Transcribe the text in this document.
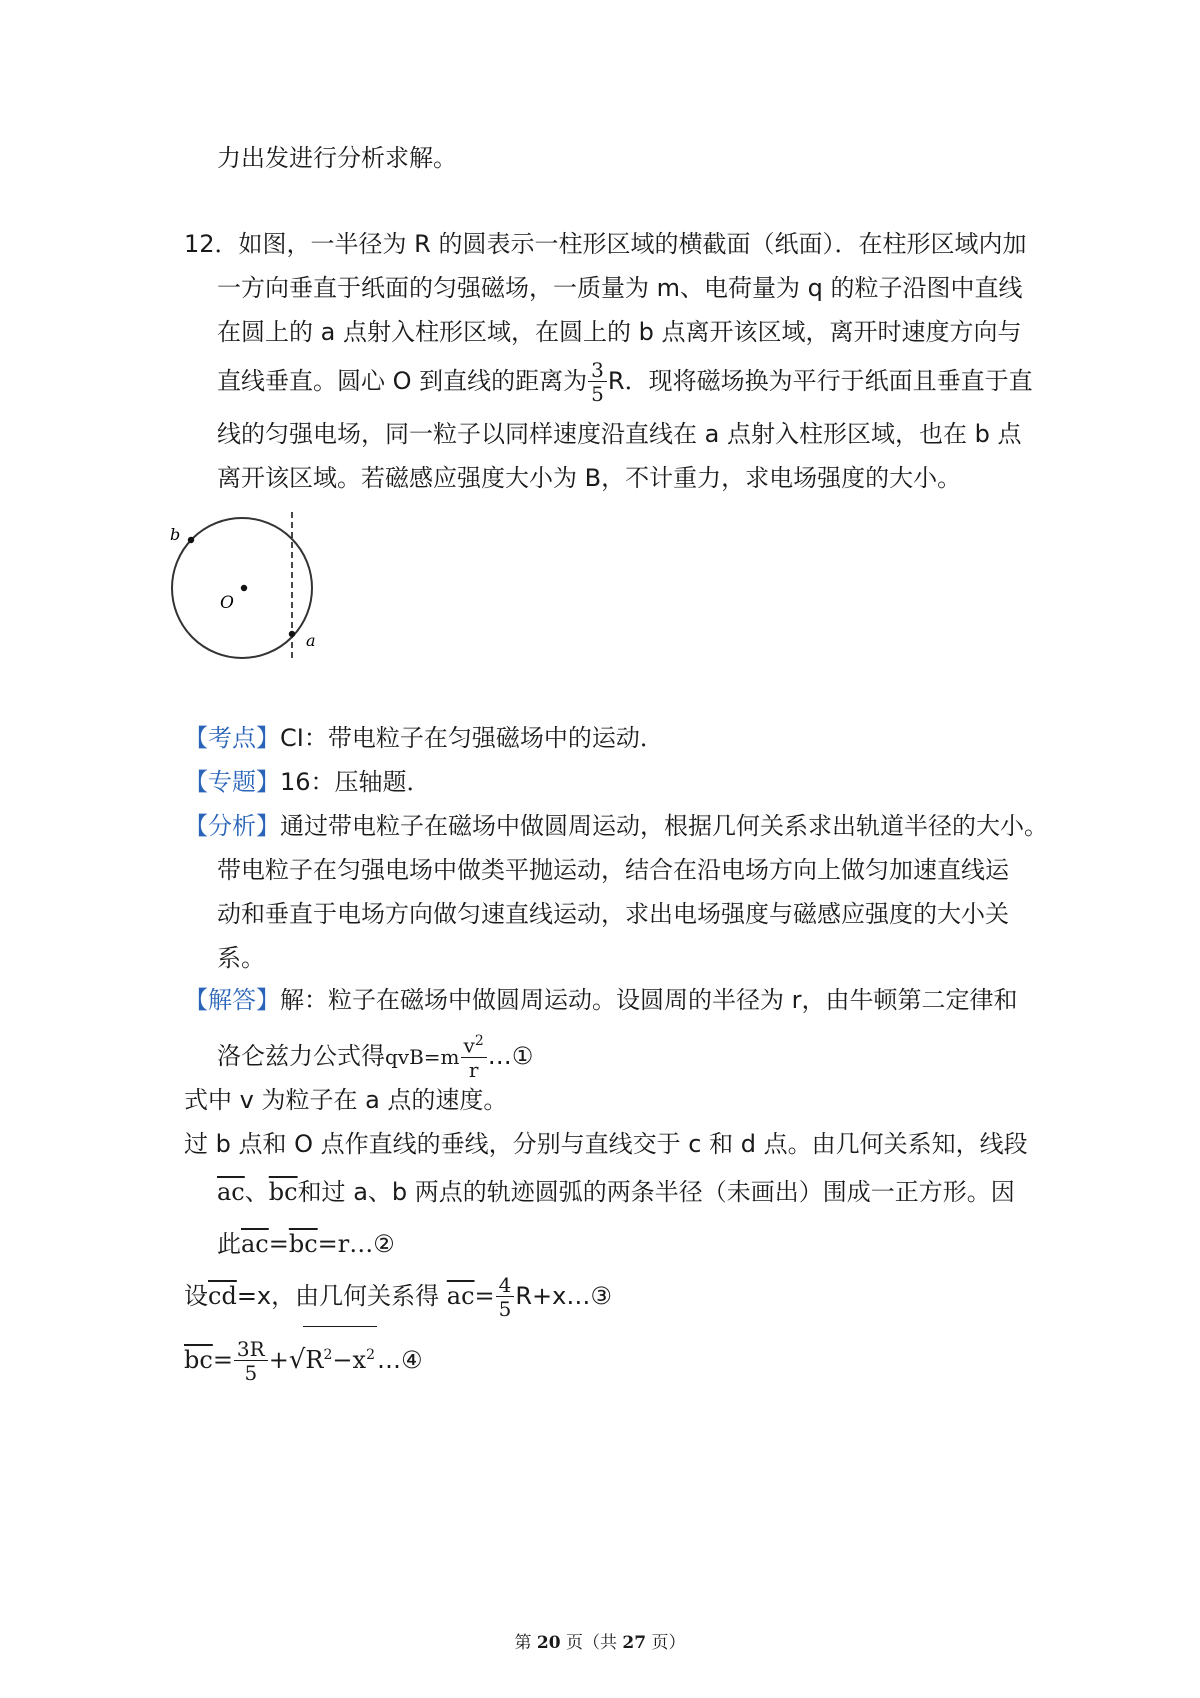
力出发进行分析求解。
12．如图，一半径为 R 的圆表示一柱形区域的横截面（纸面）．在柱形区域内加
一方向垂直于纸面的匀强磁场，一质量为 m、电荷量为 q 的粒子沿图中直线
在圆上的 a 点射入柱形区域，在圆上的 b 点离开该区域，离开时速度方向与
直线垂直。圆心 O 到直线的距离为 $\frac{3}{5}$ R．现将磁场换为平行于纸面且垂直于直
线的匀强电场，同一粒子以同样速度沿直线在 a 点射入柱形区域，也在 b 点
离开该区域。若磁感应强度大小为 B，不计重力，求电场强度的大小。
b
O
a
【考点】CI：带电粒子在匀强磁场中的运动．
【专题】16：压轴题．
【分析】通过带电粒子在磁场中做圆周运动，根据几何关系求出轨道半径的大小。
带电粒子在匀强电场中做类平抛运动，结合在沿电场方向上做匀加速直线运
动和垂直于电场方向做匀速直线运动，求出电场强度与磁感应强度的大小关
系。
【解答】解：粒子在磁场中做圆周运动。设圆周的半径为 r，由牛顿第二定律和
洛仑兹力公式得$qvB=m \frac{v^2}{r}$ …①
式中 v 为粒子在 a 点的速度。
过 b 点和 O 点作直线的垂线，分别与直线交于 c 和 d 点。由几何关系知，线段
$\overline{ac}$、$\overline{bc}$和过 a、b 两点的轨迹圆弧的两条半径（未画出）围成一正方形。因
此$\overline{ac}=\overline{bc}=r\dots ②$
设$\overline{cd}=x$，由几何关系得 $\overline{ac}= \frac{4}{5}$ R+x…③
$\overline{bc}= \frac{3R}{5}$ $+√R^2-x^2\dots ④$
第 20 页（共 27 页）
